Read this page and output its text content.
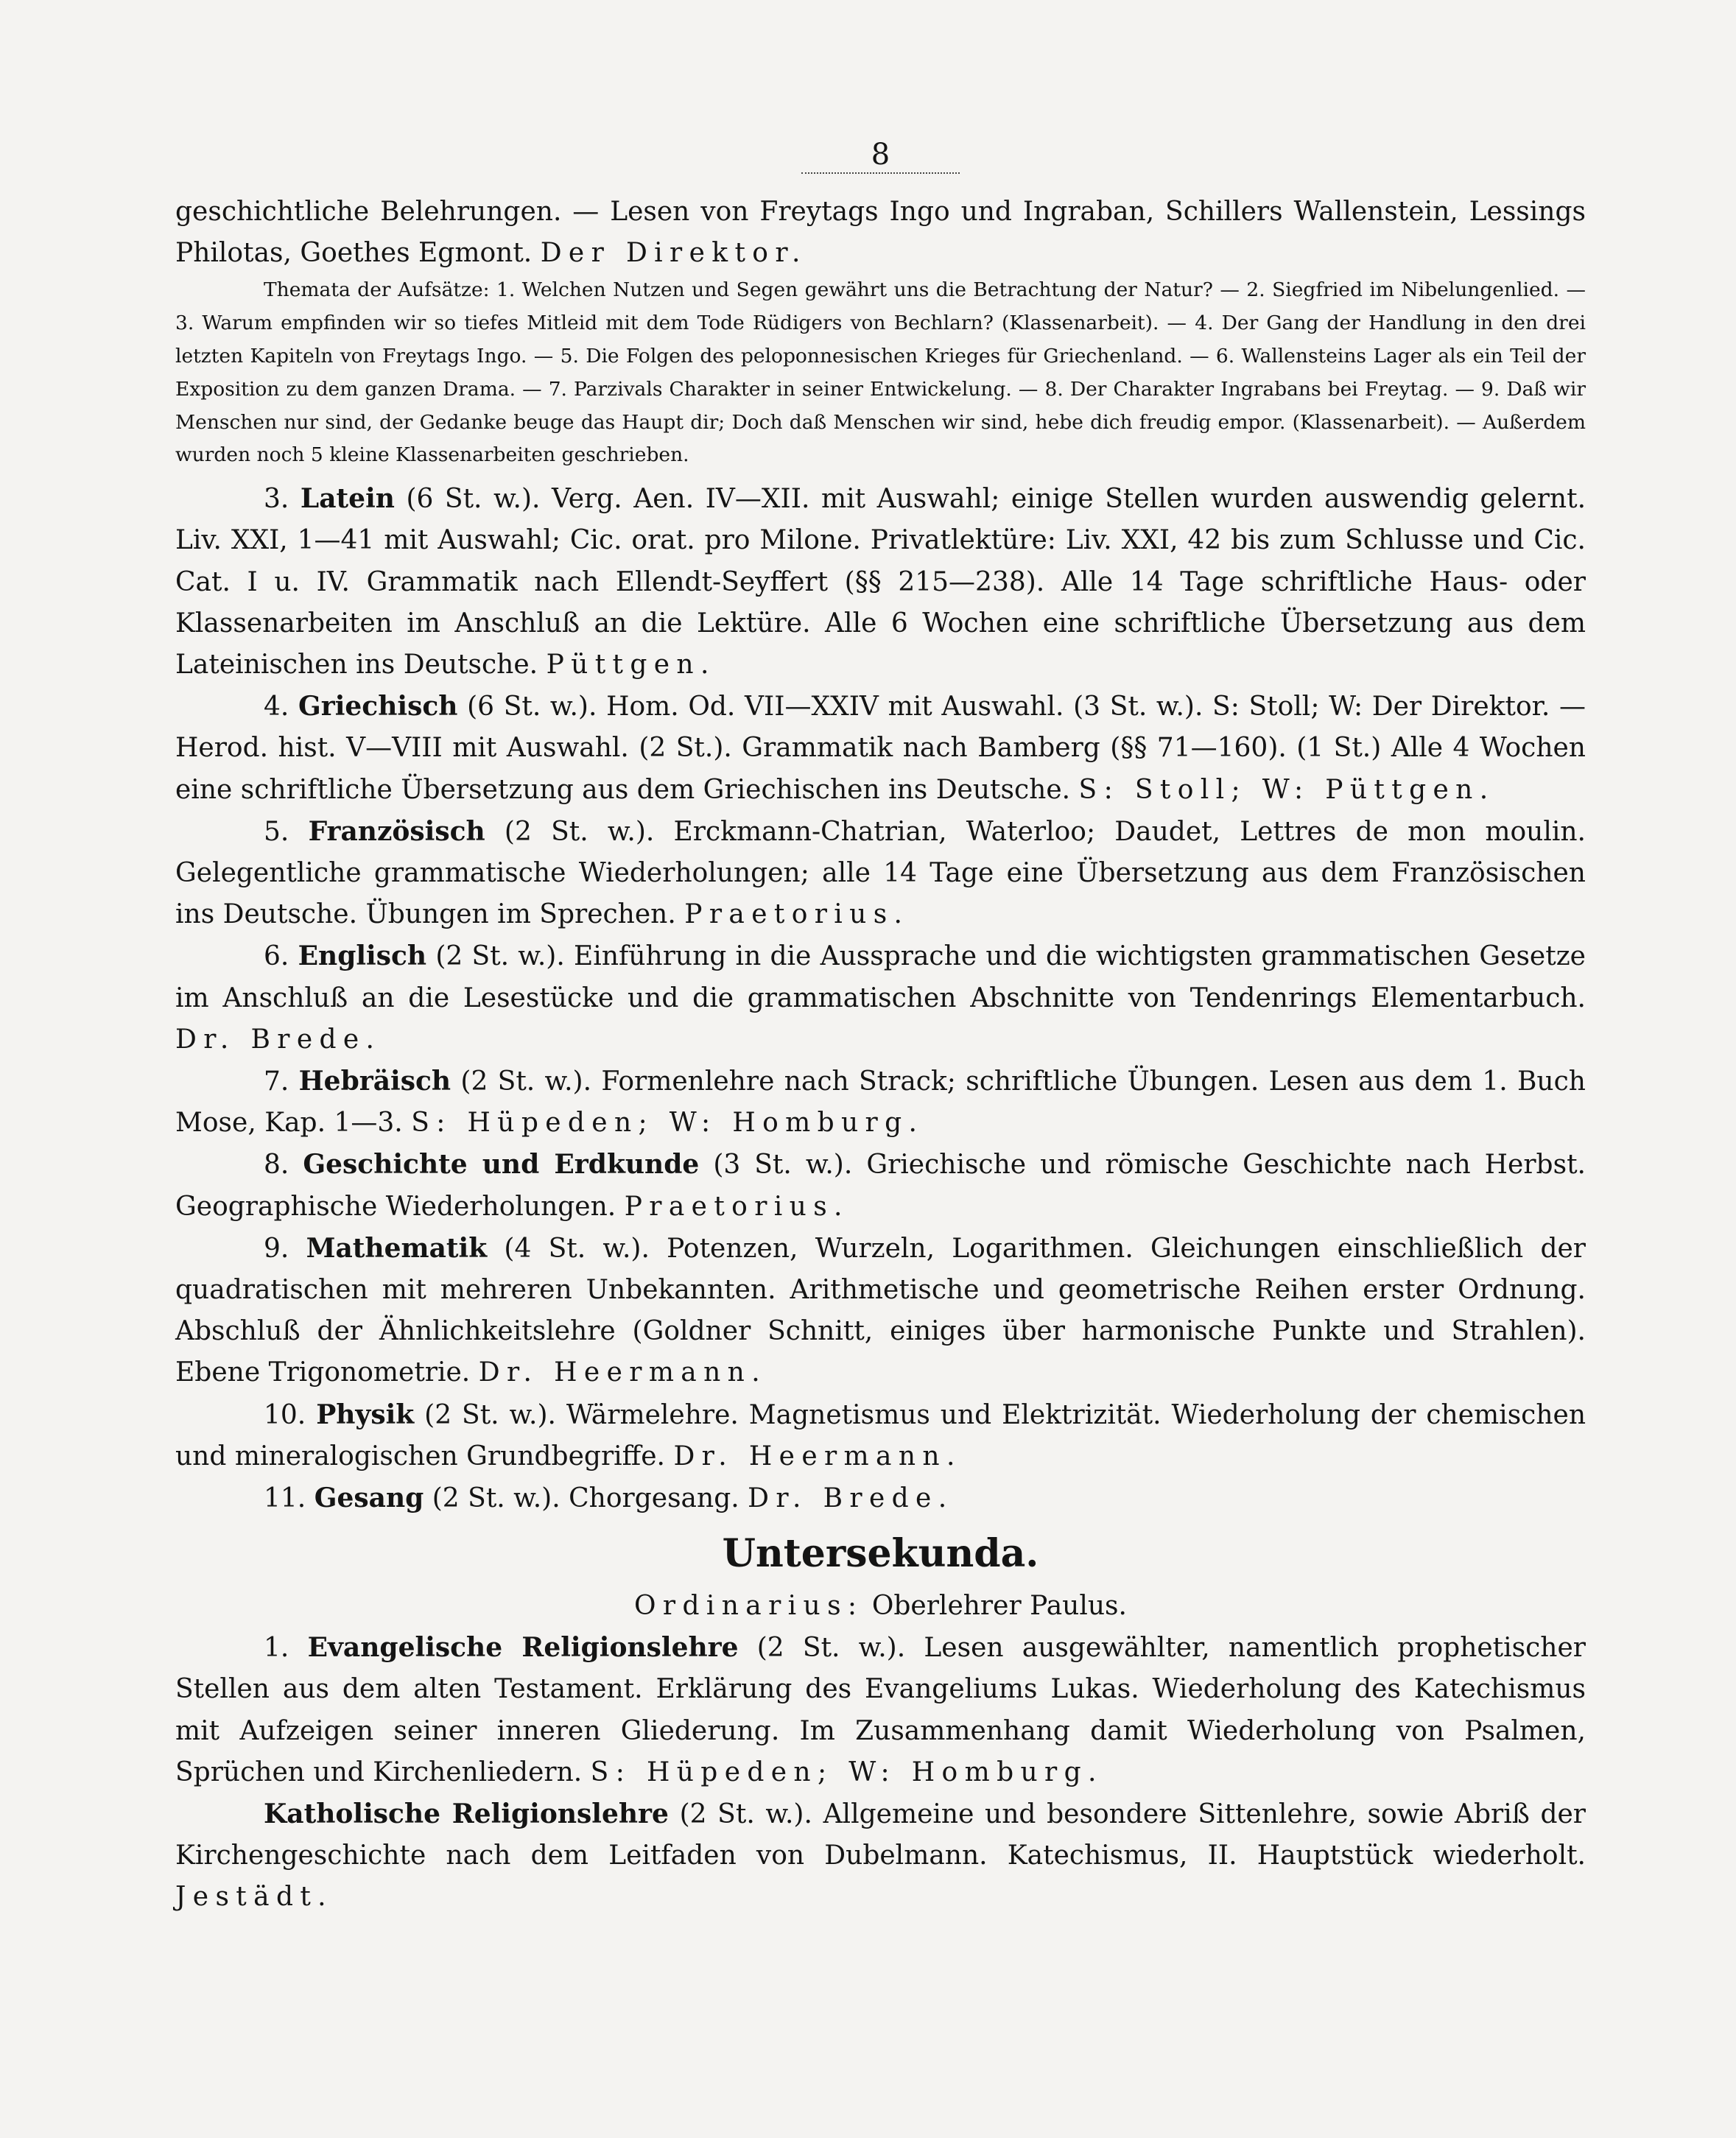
8

geschichtliche Belehrungen. — Lesen von Freytags Ingo und Ingraban, Schillers Wallenstein, Lessings Philotas, Goethes Egmont. Der Direktor.

Themata der Aufsätze: 1. Welchen Nutzen und Segen gewährt uns die Betrachtung der Natur? — 2. Siegfried im Nibelungenlied. — 3. Warum empfinden wir so tiefes Mitleid mit dem Tode Rüdigers von Bechlarn? (Klassenarbeit). — 4. Der Gang der Handlung in den drei letzten Kapiteln von Freytags Ingo. — 5. Die Folgen des peloponnesischen Krieges für Griechenland. — 6. Wallensteins Lager als ein Teil der Exposition zu dem ganzen Drama. — 7. Parzivals Charakter in seiner Entwickelung. — 8. Der Charakter Ingrabans bei Freytag. — 9. Daß wir Menschen nur sind, der Gedanke beuge das Haupt dir; Doch daß Menschen wir sind, hebe dich freudig empor. (Klassenarbeit). — Außerdem wurden noch 5 kleine Klassenarbeiten geschrieben.

3. Latein (6 St. w.). Verg. Aen. IV—XII. mit Auswahl; einige Stellen wurden auswendig gelernt. Liv. XXI, 1—41 mit Auswahl; Cic. orat. pro Milone. Privatlektüre: Liv. XXI, 42 bis zum Schlusse und Cic. Cat. I u. IV. Grammatik nach Ellendt-Seyffert (§§ 215—238). Alle 14 Tage schriftliche Haus- oder Klassenarbeiten im Anschluß an die Lektüre. Alle 6 Wochen eine schriftliche Übersetzung aus dem Lateinischen ins Deutsche. Püttgen.

4. Griechisch (6 St. w.). Hom. Od. VII—XXIV mit Auswahl. (3 St. w.). S: Stoll; W: Der Direktor. — Herod. hist. V—VIII mit Auswahl. (2 St.). Grammatik nach Bamberg (§§ 71—160). (1 St.) Alle 4 Wochen eine schriftliche Übersetzung aus dem Griechischen ins Deutsche. S: Stoll; W: Püttgen.

5. Französisch (2 St. w.). Erckmann-Chatrian, Waterloo; Daudet, Lettres de mon moulin. Gelegentliche grammatische Wiederholungen; alle 14 Tage eine Übersetzung aus dem Französischen ins Deutsche. Übungen im Sprechen. Praetorius.

6. Englisch (2 St. w.). Einführung in die Aussprache und die wichtigsten grammatischen Gesetze im Anschluß an die Lesestücke und die grammatischen Abschnitte von Tendenrings Elementarbuch. Dr. Brede.

7. Hebräisch (2 St. w.). Formenlehre nach Strack; schriftliche Übungen. Lesen aus dem 1. Buch Mose, Kap. 1—3. S: Hüpeden; W: Homburg.

8. Geschichte und Erdkunde (3 St. w.). Griechische und römische Geschichte nach Herbst. Geographische Wiederholungen. Praetorius.

9. Mathematik (4 St. w.). Potenzen, Wurzeln, Logarithmen. Gleichungen einschließlich der quadratischen mit mehreren Unbekannten. Arithmetische und geometrische Reihen erster Ordnung. Abschluß der Ähnlichkeitslehre (Goldner Schnitt, einiges über harmonische Punkte und Strahlen). Ebene Trigonometrie. Dr. Heermann.

10. Physik (2 St. w.). Wärmelehre. Magnetismus und Elektrizität. Wiederholung der chemischen und mineralogischen Grundbegriffe. Dr. Heermann.

11. Gesang (2 St. w.). Chorgesang. Dr. Brede.

Untersekunda.

Ordinarius: Oberlehrer Paulus.

1. Evangelische Religionslehre (2 St. w.). Lesen ausgewählter, namentlich prophetischer Stellen aus dem alten Testament. Erklärung des Evangeliums Lukas. Wiederholung des Katechismus mit Aufzeigen seiner inneren Gliederung. Im Zusammenhang damit Wiederholung von Psalmen, Sprüchen und Kirchenliedern. S: Hüpeden; W: Homburg.

Katholische Religionslehre (2 St. w.). Allgemeine und besondere Sittenlehre, sowie Abriß der Kirchengeschichte nach dem Leitfaden von Dubelmann. Katechismus, II. Hauptstück wiederholt. Jestädt.
